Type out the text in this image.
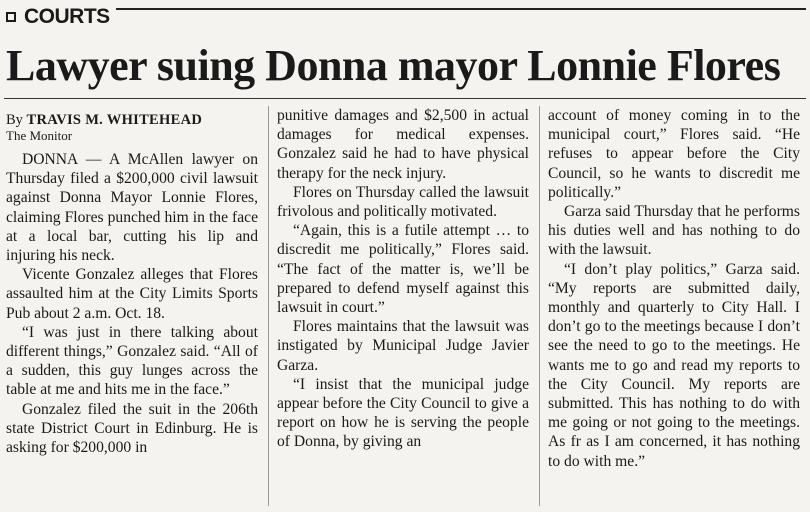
COURTS
Lawyer suing Donna mayor Lonnie Flores
By TRAVIS M. WHITEHEAD
The Monitor

DONNA — A McAllen lawyer on Thursday filed a $200,000 civil lawsuit against Donna Mayor Lonnie Flores, claiming Flores punched him in the face at a local bar, cutting his lip and injuring his neck.

Vicente Gonzalez alleges that Flores assaulted him at the City Limits Sports Pub about 2 a.m. Oct. 18.

“I was just in there talking about different things,” Gonzalez said. “All of a sudden, this guy lunges across the table at me and hits me in the face.”

Gonzalez filed the suit in the 206th state District Court in Edinburg. He is asking for $200,000 in

punitive damages and $2,500 in actual damages for medical expenses. Gonzalez said he had to have physical therapy for the neck injury.

Flores on Thursday called the lawsuit frivolous and politically motivated.

“Again, this is a futile attempt … to discredit me politically,” Flores said. “The fact of the matter is, we’ll be prepared to defend myself against this lawsuit in court.”

Flores maintains that the lawsuit was instigated by Municipal Judge Javier Garza.

“I insist that the municipal judge appear before the City Council to give a report on how he is serving the people of Donna, by giving an

account of money coming in to the municipal court,” Flores said. “He refuses to appear before the City Council, so he wants to discredit me politically.”

Garza said Thursday that he performs his duties well and has nothing to do with the lawsuit.

“I don’t play politics,” Garza said. “My reports are submitted daily, monthly and quarterly to City Hall. I don’t go to the meetings because I don’t see the need to go to the meetings. He wants me to go and read my reports to the City Council. My reports are submitted. This has nothing to do with me going or not going to the meetings. As fr as I am concerned, it has nothing to do with me.”
